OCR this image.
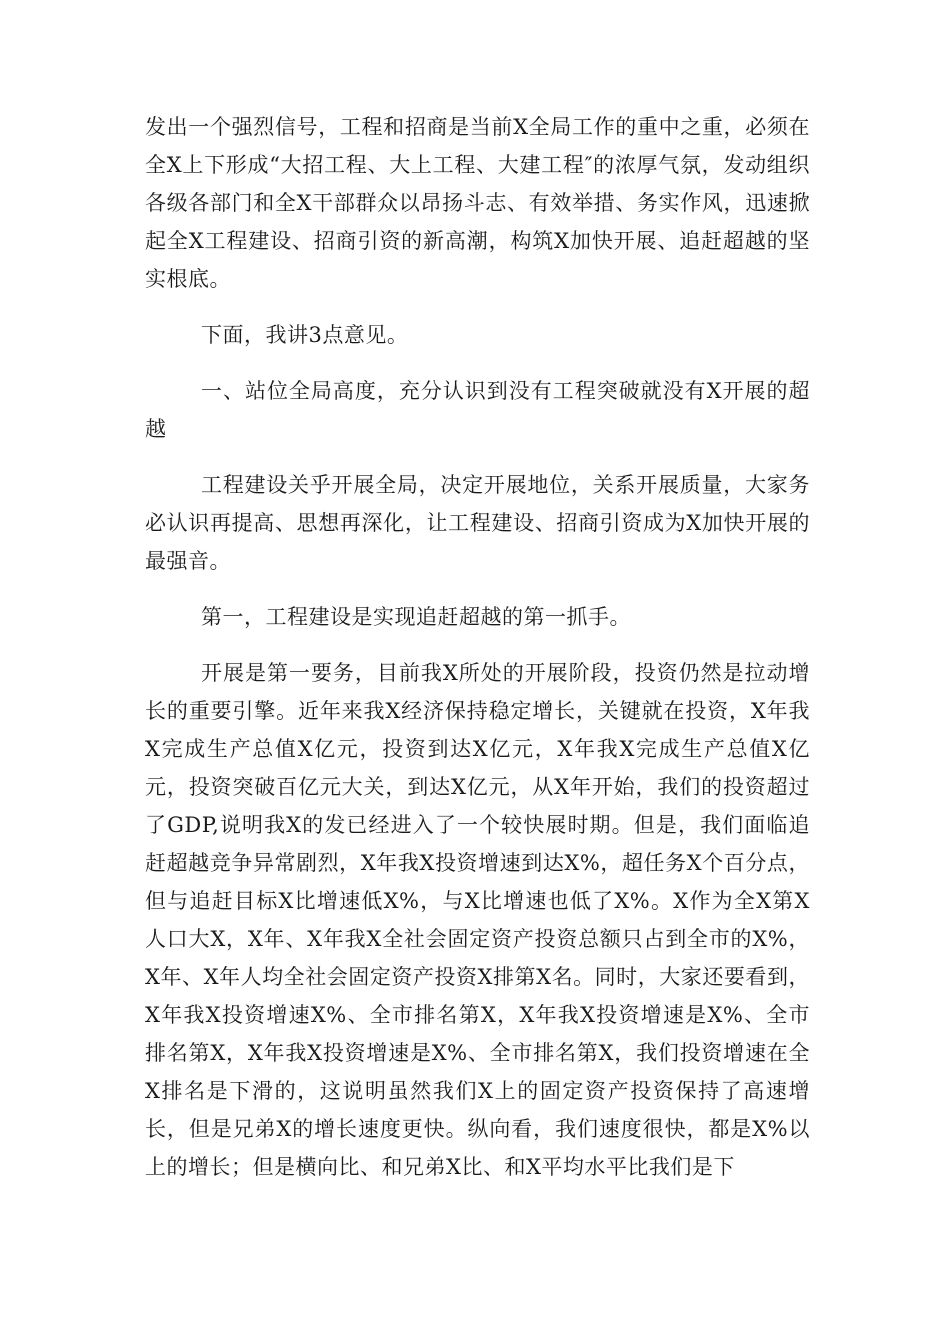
发出一个强烈信号，工程和招商是当前X全局工作的重中之重，必须在全X上下形成“大招工程、大上工程、大建工程″的浓厚气氛，发动组织各级各部门和全X干部群众以昂扬斗志、有效举措、务实作风，迅速掀起全X工程建设、招商引资的新高潮，构筑X加快开展、追赶超越的坚实根底。

下面，我讲3点意见。

一、站位全局高度，充分认识到没有工程突破就没有X开展的超越

工程建设关乎开展全局，决定开展地位，关系开展质量，大家务必认识再提高、思想再深化，让工程建设、招商引资成为X加快开展的最强音。

第一，工程建设是实现追赶超越的第一抓手。

开展是第一要务，目前我X所处的开展阶段，投资仍然是拉动增长的重要引擎。近年来我X经济保持稳定增长，关键就在投资，X年我X完成生产总值X亿元，投资到达X亿元，X年我X完成生产总值X亿元，投资突破百亿元大关，到达X亿元，从X年开始，我们的投资超过了GDP,说明我X的发已经进入了一个较快展时期。但是，我们面临追赶超越竞争异常剧烈，X年我X投资增速到达X%，超任务X个百分点，但与追赶目标X比增速低X%，与X比增速也低了X%。X作为全X第X人口大X，X年、X年我X全社会固定资产投资总额只占到全市的X%，X年、X年人均全社会固定资产投资X排第X名。同时，大家还要看到，X年我X投资增速X%、全市排名第X，X年我X投资增速是X%、全市排名第X，X年我X投资增速是X%、全市排名第X，我们投资增速在全X排名是下滑的，这说明虽然我们X上的固定资产投资保持了高速增长，但是兄弟X的增长速度更快。纵向看，我们速度很快，都是X%以上的增长；但是横向比、和兄弟X比、和X平均水平比我们是下
